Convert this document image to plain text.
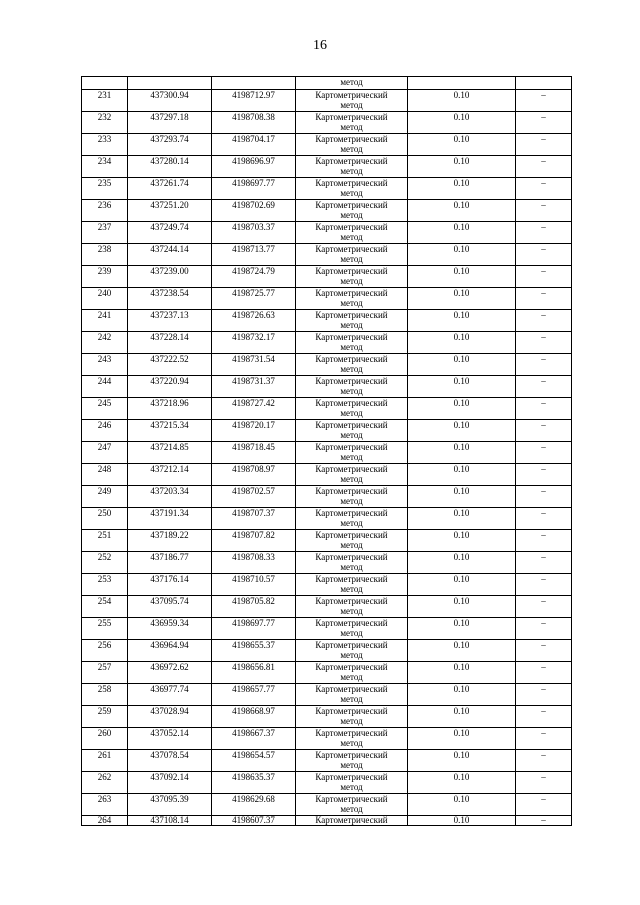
16
			метод		
231	437300.94	4198712.97	Картометрический
метод	0.10	–
232	437297.18	4198708.38	Картометрический
метод	0.10	–
233	437293.74	4198704.17	Картометрический
метод	0.10	–
234	437280.14	4198696.97	Картометрический
метод	0.10	–
235	437261.74	4198697.77	Картометрический
метод	0.10	–
236	437251.20	4198702.69	Картометрический
метод	0.10	–
237	437249.74	4198703.37	Картометрический
метод	0.10	–
238	437244.14	4198713.77	Картометрический
метод	0.10	–
239	437239.00	4198724.79	Картометрический
метод	0.10	–
240	437238.54	4198725.77	Картометрический
метод	0.10	–
241	437237.13	4198726.63	Картометрический
метод	0.10	–
242	437228.14	4198732.17	Картометрический
метод	0.10	–
243	437222.52	4198731.54	Картометрический
метод	0.10	–
244	437220.94	4198731.37	Картометрический
метод	0.10	–
245	437218.96	4198727.42	Картометрический
метод	0.10	–
246	437215.34	4198720.17	Картометрический
метод	0.10	–
247	437214.85	4198718.45	Картометрический
метод	0.10	–
248	437212.14	4198708.97	Картометрический
метод	0.10	–
249	437203.34	4198702.57	Картометрический
метод	0.10	–
250	437191.34	4198707.37	Картометрический
метод	0.10	–
251	437189.22	4198707.82	Картометрический
метод	0.10	–
252	437186.77	4198708.33	Картометрический
метод	0.10	–
253	437176.14	4198710.57	Картометрический
метод	0.10	–
254	437095.74	4198705.82	Картометрический
метод	0.10	–
255	436959.34	4198697.77	Картометрический
метод	0.10	–
256	436964.94	4198655.37	Картометрический
метод	0.10	–
257	436972.62	4198656.81	Картометрический
метод	0.10	–
258	436977.74	4198657.77	Картометрический
метод	0.10	–
259	437028.94	4198668.97	Картометрический
метод	0.10	–
260	437052.14	4198667.37	Картометрический
метод	0.10	–
261	437078.54	4198654.57	Картометрический
метод	0.10	–
262	437092.14	4198635.37	Картометрический
метод	0.10	–
263	437095.39	4198629.68	Картометрический
метод	0.10	–
264	437108.14	4198607.37	Картометрический	0.10	–
